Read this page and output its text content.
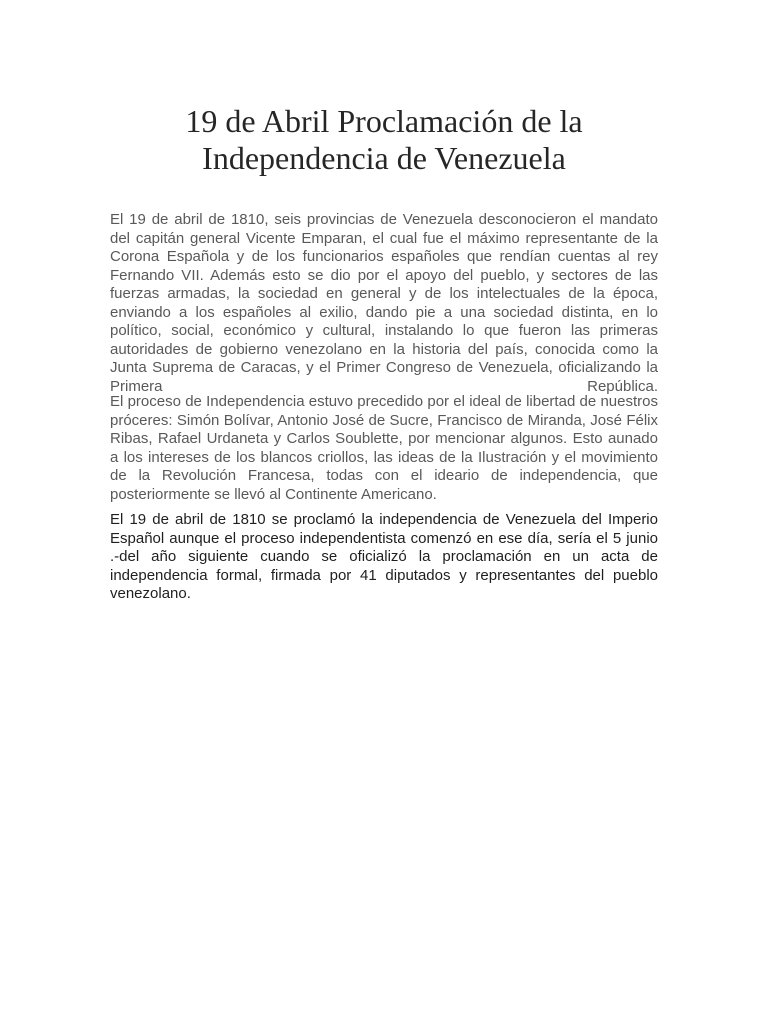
19 de Abril Proclamación de la Independencia de Venezuela

El 19 de abril de 1810, seis provincias de Venezuela desconocieron el mandato del capitán general Vicente Emparan, el cual fue el máximo representante de la Corona Española y de los funcionarios españoles que rendían cuentas al rey Fernando VII. Además esto se dio por el apoyo del pueblo, y sectores de las fuerzas armadas, la sociedad en general y de los intelectuales de la época, enviando a los españoles al exilio, dando pie a una sociedad distinta, en lo político, social, económico y cultural, instalando lo que fueron las primeras autoridades de gobierno venezolano en la historia del país, conocida como la Junta Suprema de Caracas, y el Primer Congreso de Venezuela, oficializando la Primera República.

El proceso de Independencia estuvo precedido por el ideal de libertad de nuestros próceres: Simón Bolívar, Antonio José de Sucre, Francisco de Miranda, José Félix Ribas, Rafael Urdaneta y Carlos Soublette, por mencionar algunos. Esto aunado a los intereses de los blancos criollos, las ideas de la Ilustración y el movimiento de la Revolución Francesa, todas con el ideario de independencia, que posteriormente se llevó al Continente Americano.

El 19 de abril de 1810 se proclamó la independencia de Venezuela del Imperio Español aunque el proceso independentista comenzó en ese día, sería el 5 junio .-del año siguiente cuando se oficializó la proclamación en un acta de independencia formal, firmada por 41 diputados y representantes del pueblo venezolano.
